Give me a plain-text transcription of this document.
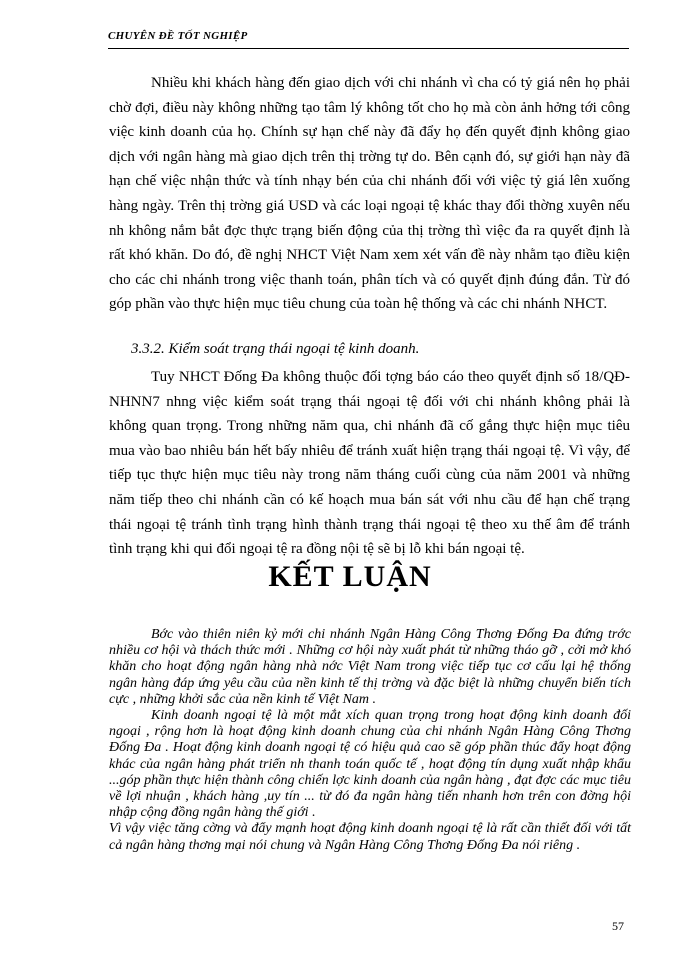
CHUYÊN ĐỀ TỐT NGHIỆP

Nhiều khi khách hàng đến giao dịch với chi nhánh vì cha có tỷ giá nên họ phải chờ đợi, điều này không những tạo tâm lý không tốt cho họ mà còn ảnh hởng tới công việc kinh doanh của họ. Chính sự hạn chế này đã đẩy họ đến quyết định không giao dịch với ngân hàng mà giao dịch trên thị trờng tự do. Bên cạnh đó, sự giới hạn này đã hạn chế việc nhận thức và tính nhạy bén của chi nhánh đối với việc tỷ giá lên xuống hàng ngày. Trên thị trờng giá USD và các loại ngoại tệ khác thay đổi thờng xuyên nếu nh không nắm bắt đợc thực trạng biến động của thị trờng thì việc đa ra quyết định là rất khó khăn. Do đó, đề nghị NHCT Việt Nam xem xét vấn đề này nhằm tạo điều kiện cho các chi nhánh trong việc thanh toán, phân tích và có quyết định đúng đắn. Từ đó góp phần vào thực hiện mục tiêu chung của toàn hệ thống và các chi nhánh NHCT.

3.3.2. Kiểm soát trạng thái ngoại tệ kinh doanh.

Tuy NHCT Đống Đa không thuộc đối tợng báo cáo theo quyết định số 18/QĐ- NHNN7 nhng việc kiểm soát trạng thái ngoại tệ đối với chi nhánh không phải là không quan trọng. Trong những năm qua, chi nhánh đã cố gắng thực hiện mục tiêu mua vào bao nhiêu bán hết bấy nhiêu để tránh xuất hiện trạng thái ngoại tệ. Vì vậy, để tiếp tục thực hiện mục tiêu này trong năm tháng cuối cùng của năm 2001 và những năm tiếp theo chi nhánh cần có kế hoạch mua bán sát với nhu cầu để hạn chế trạng thái ngoại tệ tránh tình trạng hình thành trạng thái ngoại tệ theo xu thế âm để tránh tình trạng khi qui đổi ngoại tệ ra đồng nội tệ sẽ bị lỗ khi bán ngoại tệ.

KẾT LUẬN

Bớc vào thiên niên kỷ mới chi nhánh Ngân Hàng Công Thơng Đống Đa đứng trớc nhiều cơ hội và thách thức mới . Những cơ hội này xuất phát từ những tháo gỡ , cởi mở khó khăn cho hoạt động ngân hàng nhà nớc Việt Nam trong việc tiếp tục cơ cấu lại hệ thống ngân hàng đáp ứng yêu cầu của nền kinh tế thị trờng và đặc biệt là những chuyển biến tích cực , những khởi sắc của nền kinh tế Việt Nam .

Kinh doanh ngoại tệ là một mắt xích quan trọng trong hoạt động kinh doanh đối ngoại , rộng hơn là hoạt động kinh doanh chung của chi nhánh Ngân Hàng Công Thơng Đống Đa . Hoạt động kinh doanh ngoại tệ có hiệu quả cao sẽ góp phần thúc đẩy hoạt động khác của ngân hàng phát triển nh thanh toán quốc tế , hoạt động tín dụng xuất nhập khẩu ...góp phần thực hiện thành công chiến lợc kinh doanh của ngân hàng , đạt đợc các mục tiêu về lợi nhuận , khách hàng ,uy tín ... từ đó đa ngân hàng tiến nhanh hơn trên con đờng hội nhập cộng đồng ngân hàng thế giới .

Vì vậy việc tăng cờng và đẩy mạnh hoạt động kinh doanh ngoại tệ là rất cần thiết đối với tất cả ngân hàng thơng mại nói chung và Ngân Hàng Công Thơng Đống Đa nói riêng .

57
